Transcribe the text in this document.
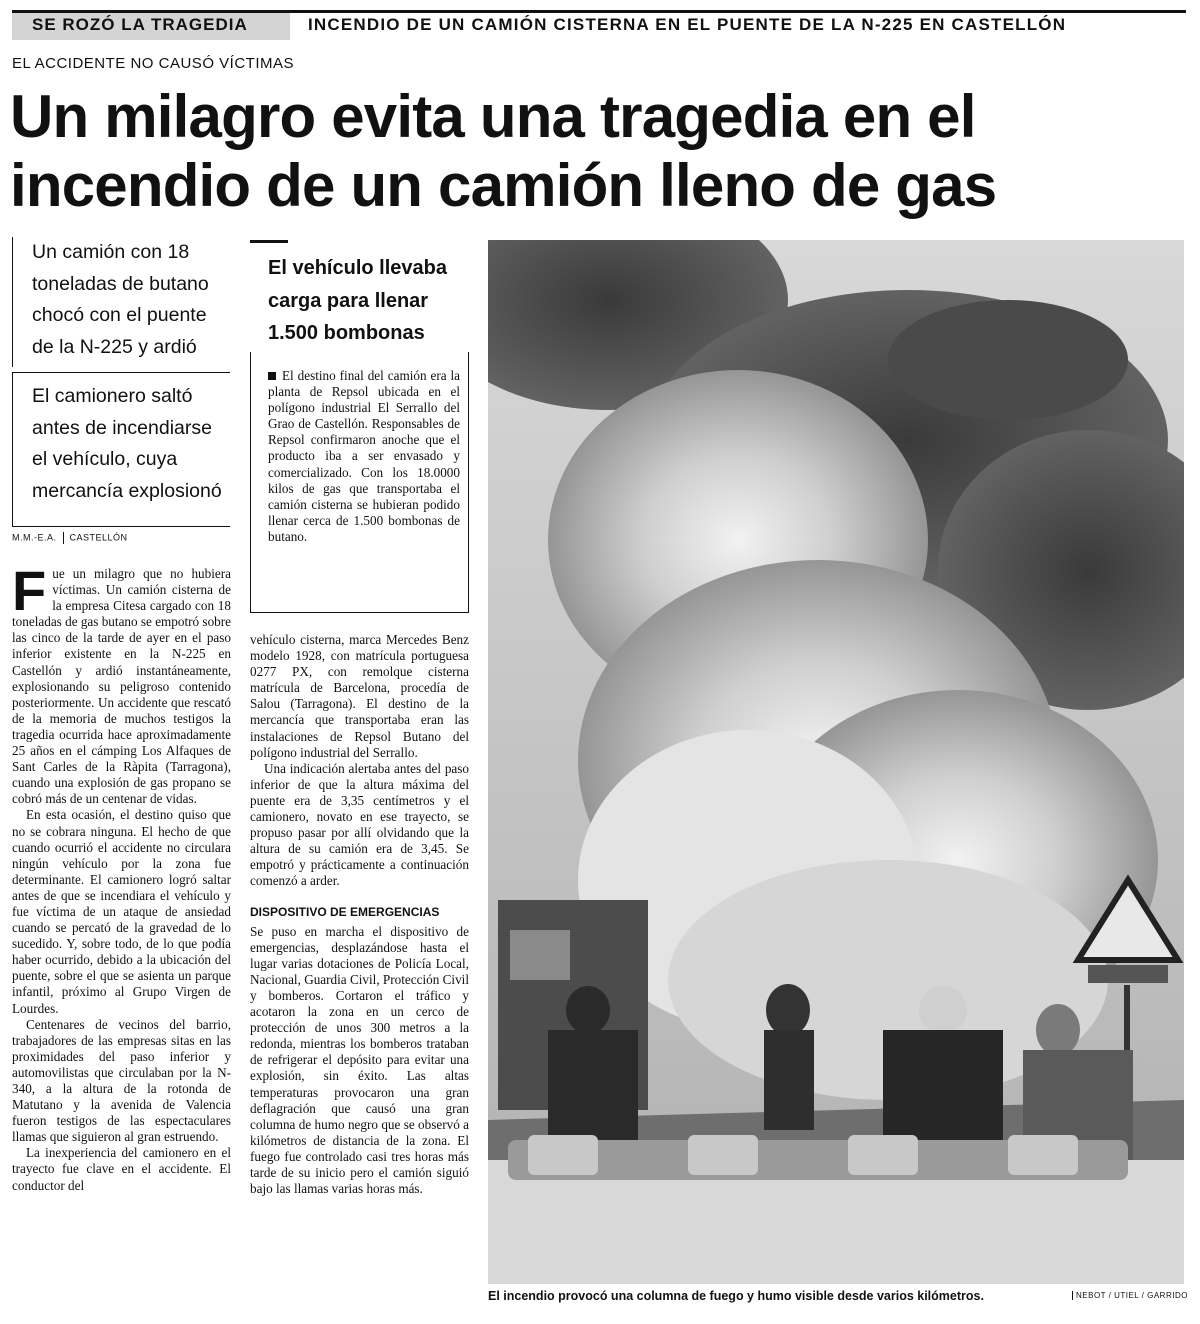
SE ROZÓ LA TRAGEDIA	INCENDIO DE UN CAMIÓN CISTERNA EN EL PUENTE DE LA N-225 EN CASTELLÓN
EL ACCIDENTE NO CAUSÓ VÍCTIMAS
Un milagro evita una tragedia en el
incendio de un camión lleno de gas
Un camión con 18 toneladas de butano chocó con el puente de la N-225 y ardió
El camionero saltó antes de incendiarse el vehículo, cuya mercancía explosionó
M.M.-E.A. CASTELLÓN

Fue un milagro que no hubiera víctimas. Un camión cisterna de la empresa Citesa cargado con 18 toneladas de gas butano se empotró sobre las cinco de la tarde de ayer en el paso inferior existente en la N-225 en Castellón y ardió instantáneamente, explosionando su peligroso contenido posteriormente. Un accidente que rescató de la memoria de muchos testigos la tragedia ocurrida hace aproximadamente 25 años en el cámping Los Alfaques de Sant Carles de la Ràpita (Tarragona), cuando una explosión de gas propano se cobró más de un centenar de vidas.

En esta ocasión, el destino quiso que no se cobrara ninguna. El hecho de que cuando ocurrió el accidente no circulara ningún vehículo por la zona fue determinante. El camionero logró saltar antes de que se incendiara el vehículo y fue víctima de un ataque de ansiedad cuando se percató de la gravedad de lo sucedido. Y, sobre todo, de lo que podía haber ocurrido, debido a la ubicación del puente, sobre el que se asienta un parque infantil, próximo al Grupo Virgen de Lourdes.

Centenares de vecinos del barrio, trabajadores de las empresas sitas en las proximidades del paso inferior y automovilistas que circulaban por la N-340, a la altura de la rotonda de Matutano y la avenida de Valencia fueron testigos de las espectaculares llamas que siguieron al gran estruendo.

La inexperiencia del camionero en el trayecto fue clave en el accidente. El conductor del

El vehículo llevaba carga para llenar 1.500 bombonas
El destino final del camión era la planta de Repsol ubicada en el polígono industrial El Serrallo del Grao de Castellón. Responsables de Repsol confirmaron anoche que el producto iba a ser envasado y comercializado. Con los 18.0000 kilos de gas que transportaba el camión cisterna se hubieran podido llenar cerca de 1.500 bombonas de butano.

vehículo cisterna, marca Mercedes Benz modelo 1928, con matrícula portuguesa 0277 PX, con remolque cisterna matrícula de Barcelona, procedía de Salou (Tarragona). El destino de la mercancía que transportaba eran las instalaciones de Repsol Butano del polígono industrial del Serrallo.

Una indicación alertaba antes del paso inferior de que la altura máxima del puente era de 3,35 centímetros y el camionero, novato en ese trayecto, se propuso pasar por allí olvidando que la altura de su camión era de 3,45. Se empotró y prácticamente a continuación comenzó a arder.

DISPOSITIVO DE EMERGENCIAS

Se puso en marcha el dispositivo de emergencias, desplazándose hasta el lugar varias dotaciones de Policía Local, Nacional, Guardia Civil, Protección Civil y bomberos. Cortaron el tráfico y acotaron la zona en un cerco de protección de unos 300 metros a la redonda, mientras los bomberos trataban de refrigerar el depósito para evitar una explosión, sin éxito. Las altas temperaturas provocaron una gran deflagración que causó una gran columna de humo negro que se observó a kilómetros de distancia de la zona. El fuego fue controlado casi tres horas más tarde de su inicio pero el camión siguió bajo las llamas varias horas más.

El incendio provocó una columna de fuego y humo visible desde varios kilómetros.	NEBOT / UTIEL / GARRIDO
